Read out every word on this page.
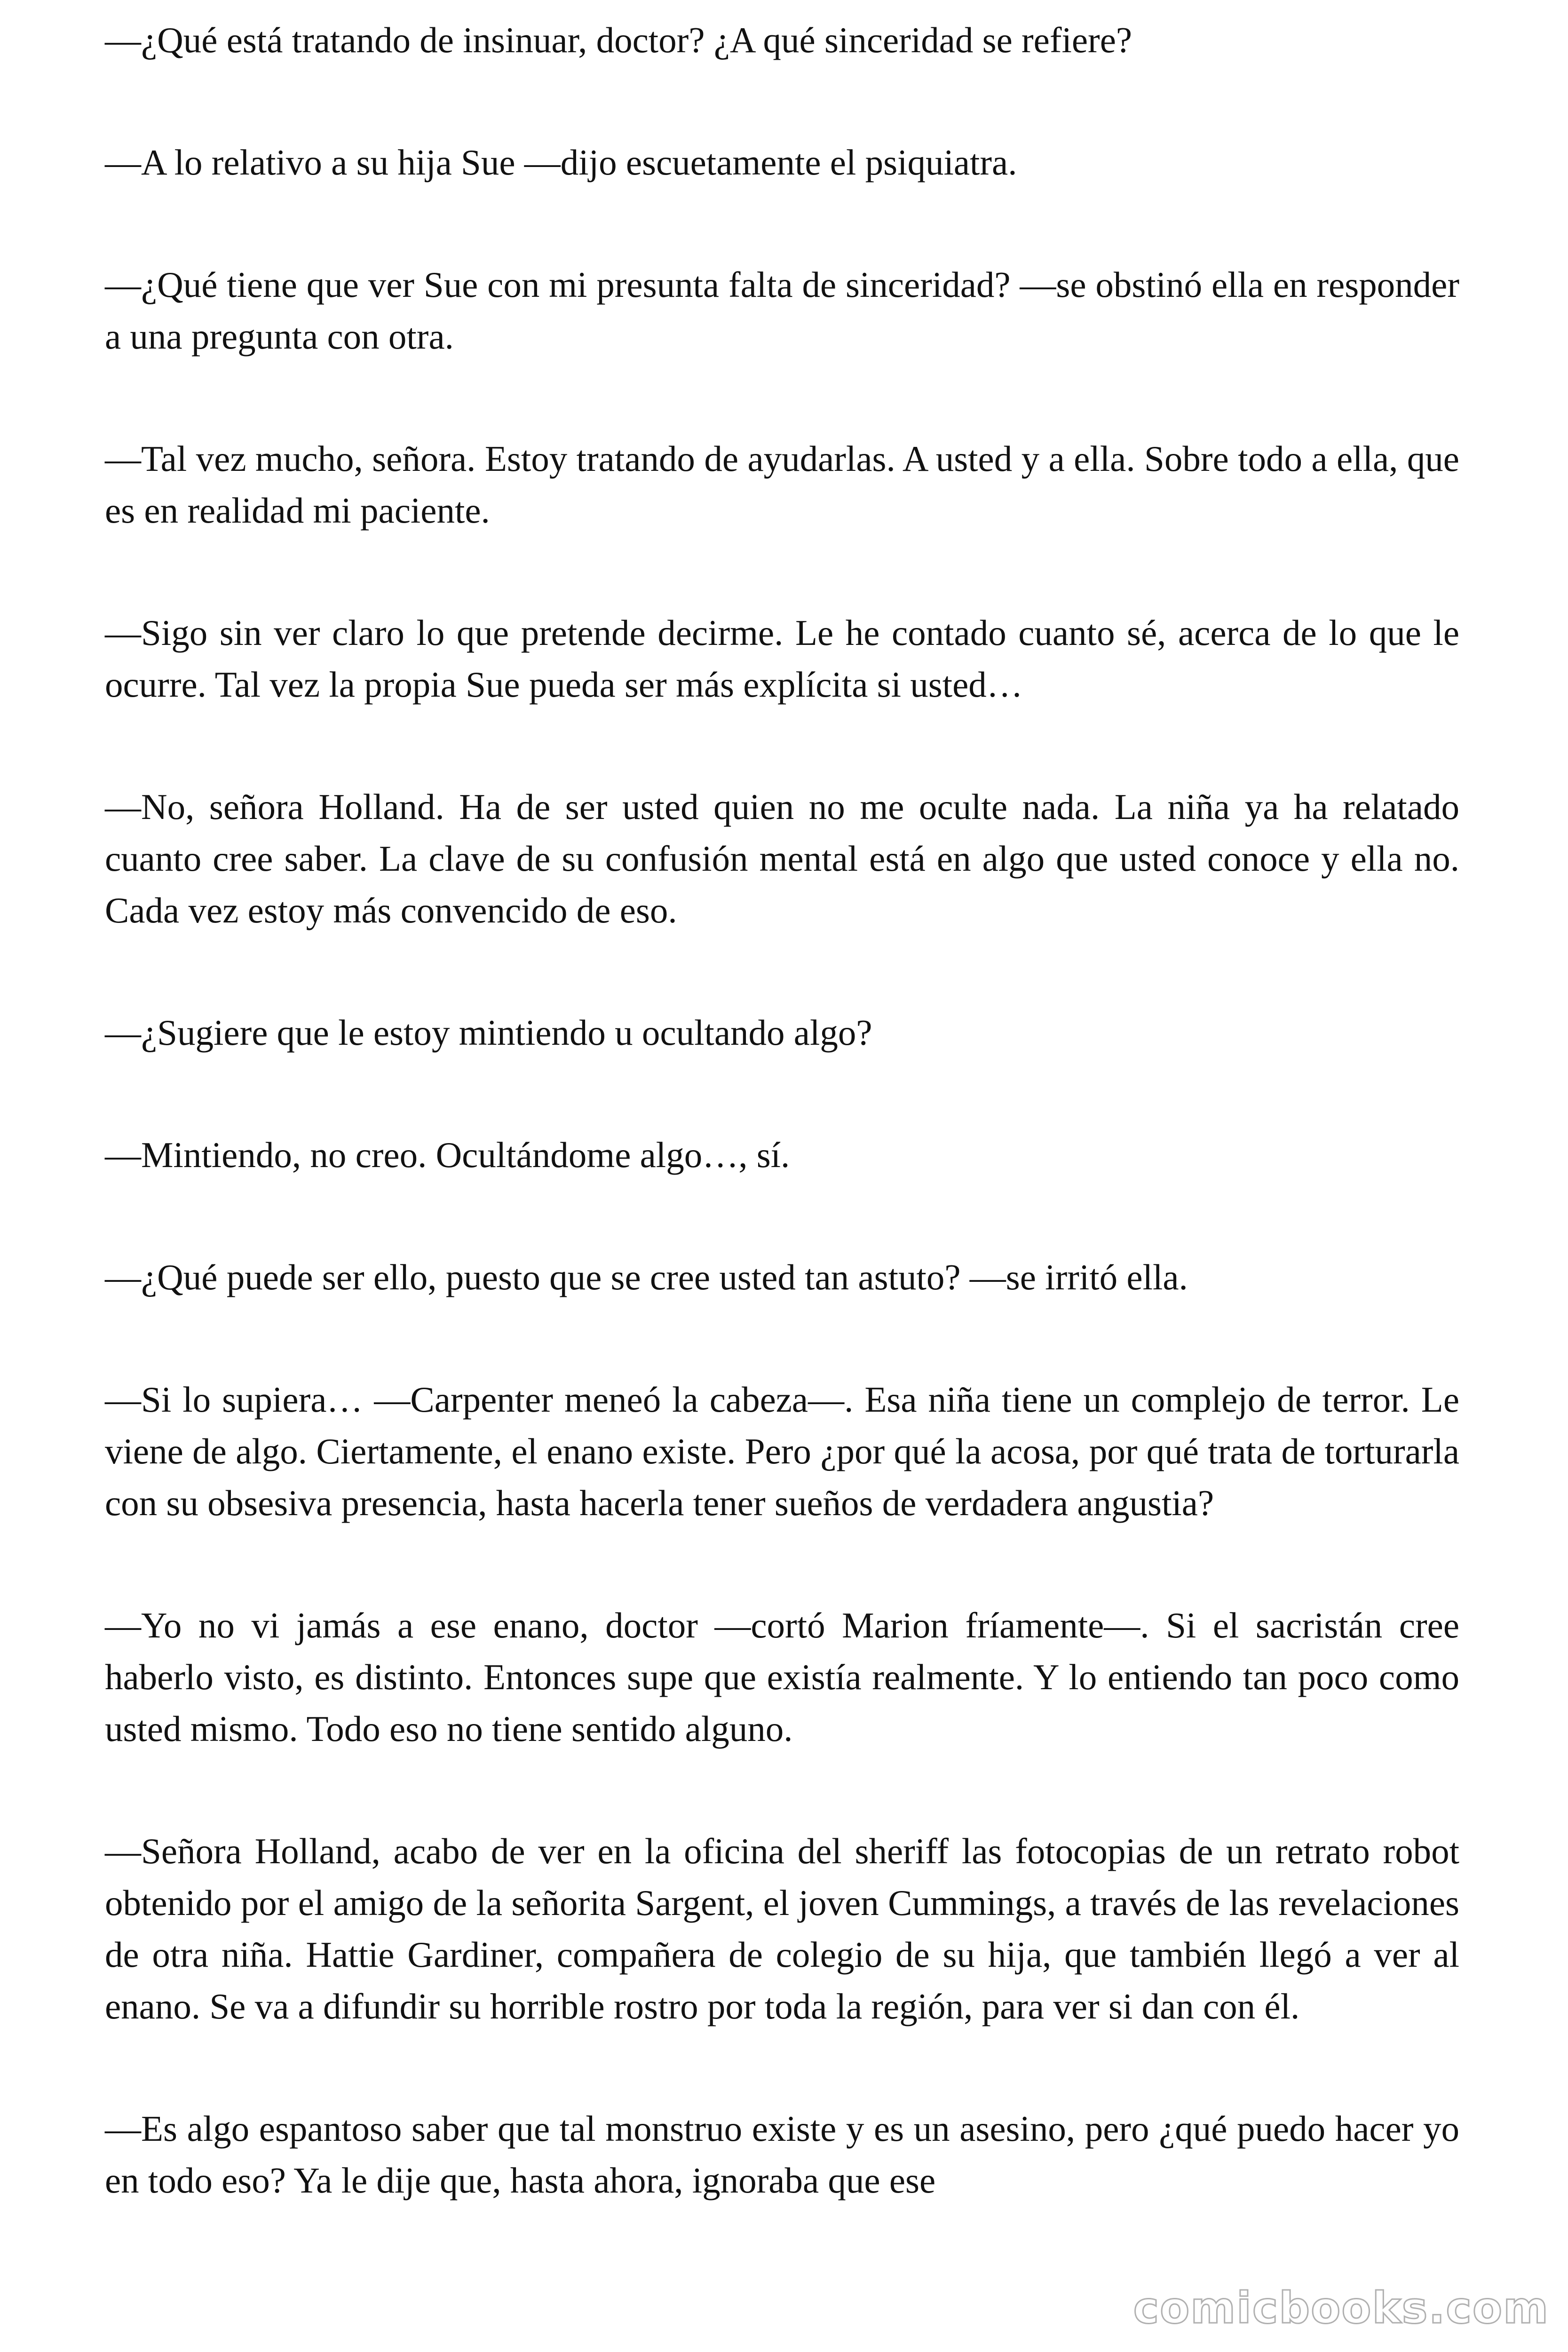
—¿Qué está tratando de insinuar, doctor? ¿A qué sinceridad se refiere?

—A lo relativo a su hija Sue —dijo escuetamente el psiquiatra.

—¿Qué tiene que ver Sue con mi presunta falta de sinceridad? —se obstinó ella en responder a una pregunta con otra.

—Tal vez mucho, señora. Estoy tratando de ayudarlas. A usted y a ella. Sobre todo a ella, que es en realidad mi paciente.

—Sigo sin ver claro lo que pretende decirme. Le he contado cuanto sé, acerca de lo que le ocurre. Tal vez la propia Sue pueda ser más explícita si usted…

—No, señora Holland. Ha de ser usted quien no me oculte nada. La niña ya ha relatado cuanto cree saber. La clave de su confusión mental está en algo que usted conoce y ella no. Cada vez estoy más convencido de eso.

—¿Sugiere que le estoy mintiendo u ocultando algo?

—Mintiendo, no creo. Ocultándome algo…, sí.

—¿Qué puede ser ello, puesto que se cree usted tan astuto? —se irritó ella.

—Si lo supiera… —Carpenter meneó la cabeza—. Esa niña tiene un complejo de terror. Le viene de algo. Ciertamente, el enano existe. Pero ¿por qué la acosa, por qué trata de torturarla con su obsesiva presencia, hasta hacerla tener sueños de verdadera angustia?

—Yo no vi jamás a ese enano, doctor —cortó Marion fríamente—. Si el sacristán cree haberlo visto, es distinto. Entonces supe que existía realmente. Y lo entiendo tan poco como usted mismo. Todo eso no tiene sentido alguno.

—Señora Holland, acabo de ver en la oficina del sheriff las fotocopias de un retrato robot obtenido por el amigo de la señorita Sargent, el joven Cummings, a través de las revelaciones de otra niña. Hattie Gardiner, compañera de colegio de su hija, que también llegó a ver al enano. Se va a difundir su horrible rostro por toda la región, para ver si dan con él.

—Es algo espantoso saber que tal monstruo existe y es un asesino, pero ¿qué puedo hacer yo en todo eso? Ya le dije que, hasta ahora, ignoraba que ese

comicbooks.com
